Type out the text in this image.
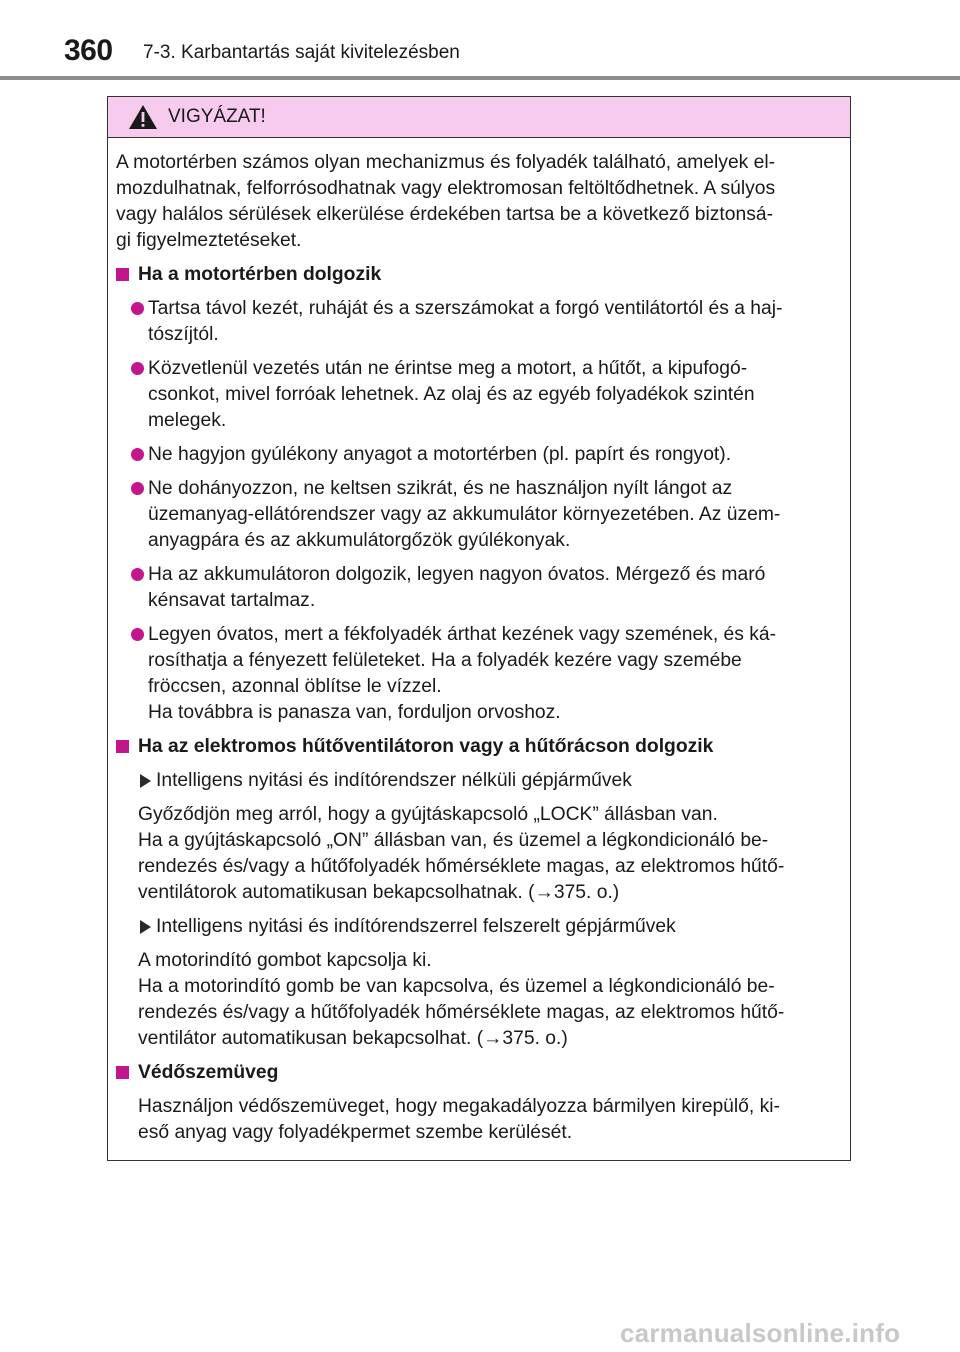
360 7-3. Karbantartás saját kivitelezésben
VIGYÁZAT!
A motortérben számos olyan mechanizmus és folyadék található, amelyek el-
mozdulhatnak, felforrósodhatnak vagy elektromosan feltöltődhetnek. A súlyos
vagy halálos sérülések elkerülése érdekében tartsa be a következő biztonsá-
gi figyelmeztetéseket.
Ha a motortérben dolgozik
Tartsa távol kezét, ruháját és a szerszámokat a forgó ventilátortól és a haj-
tószíjtól.
Közvetlenül vezetés után ne érintse meg a motort, a hűtőt, a kipufogó-
csonkot, mivel forróak lehetnek. Az olaj és az egyéb folyadékok szintén
melegek.
Ne hagyjon gyúlékony anyagot a motortérben (pl. papírt és rongyot).
Ne dohányozzon, ne keltsen szikrát, és ne használjon nyílt lángot az
üzemanyag-ellátórendszer vagy az akkumulátor környezetében. Az üzem-
anyagpára és az akkumulátorgőzök gyúlékonyak.
Ha az akkumulátoron dolgozik, legyen nagyon óvatos. Mérgező és maró
kénsavat tartalmaz.
Legyen óvatos, mert a fékfolyadék árthat kezének vagy szemének, és ká-
rosíthatja a fényezett felületeket. Ha a folyadék kezére vagy szemébe
fröccsen, azonnal öblítse le vízzel.
Ha továbbra is panasza van, forduljon orvoshoz.
Ha az elektromos hűtőventilátoron vagy a hűtőrácson dolgozik
Intelligens nyitási és indítórendszer nélküli gépjárművek
Győződjön meg arról, hogy a gyújtáskapcsoló „LOCK” állásban van.
Ha a gyújtáskapcsoló „ON” állásban van, és üzemel a légkondicionáló be-
rendezés és/vagy a hűtőfolyadék hőmérséklete magas, az elektromos hűtő-
ventilátorok automatikusan bekapcsolhatnak. (→375. o.)
Intelligens nyitási és indítórendszerrel felszerelt gépjárművek
A motorindító gombot kapcsolja ki.
Ha a motorindító gomb be van kapcsolva, és üzemel a légkondicionáló be-
rendezés és/vagy a hűtőfolyadék hőmérséklete magas, az elektromos hűtő-
ventilátor automatikusan bekapcsolhat. (→375. o.)
Védőszemüveg
Használjon védőszemüveget, hogy megakadályozza bármilyen kirepülő, ki-
eső anyag vagy folyadékpermet szembe kerülését.
carmanualsonline.info
